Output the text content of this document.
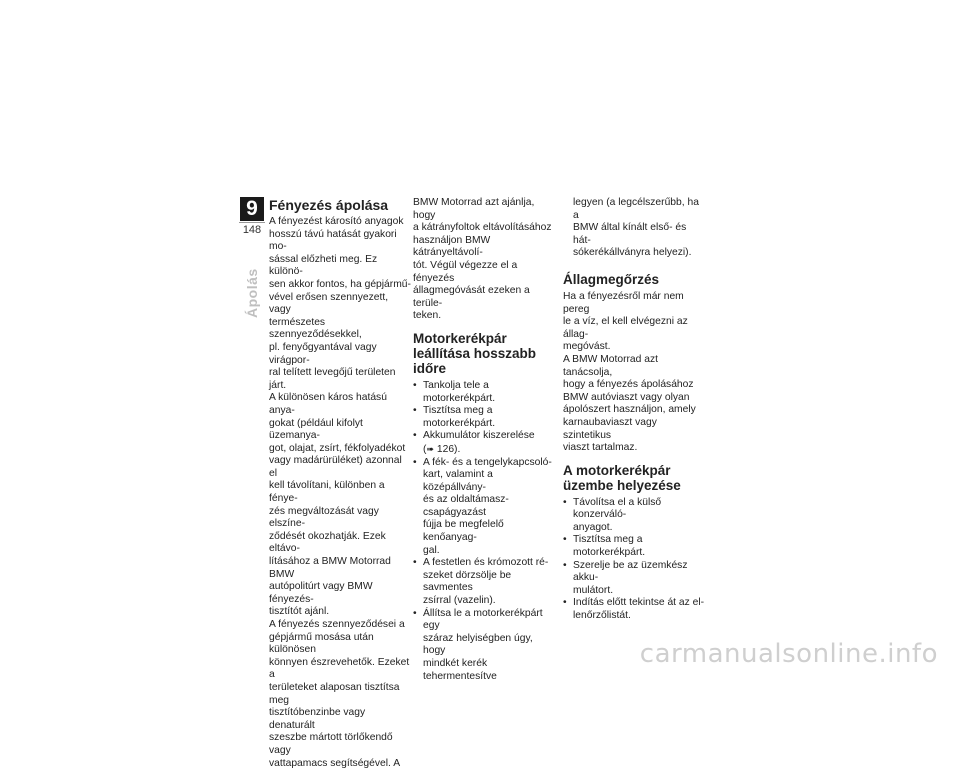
9
148
Ápolás
Fényezés ápolása

A fényezést károsító anyagok
hosszú távú hatását gyakori mo-
sással előzheti meg. Ez különö-
sen akkor fontos, ha gépjármű-
vével erősen szennyezett, vagy
természetes szennyeződésekkel,
pl. fenyőgyantával vagy virágpor-
ral telített levegőjű területen járt.
A különösen káros hatású anya-
gokat (például kifolyt üzemanya-
got, olajat, zsírt, fékfolyadékot
vagy madárürüléket) azonnal el
kell távolítani, különben a fénye-
zés megváltozását vagy elszíne-
ződését okozhatják. Ezek eltávo-
lításához a BMW Motorrad BMW
autópolitúrt vagy BMW fényezés-
tisztítót ajánl.
A fényezés szennyeződései a
gépjármű mosása után különösen
könnyen észrevehetők. Ezeket a
területeket alaposan tisztítsa meg
tisztítóbenzinbe vagy denaturált
szeszbe mártott törlőkendő vagy
vattapamacs segítségével. A

BMW Motorrad azt ajánlja, hogy
a kátrányfoltok eltávolításához
használjon BMW kátrányeltávolí-
tót. Végül végezze el a fényezés
állagmegóvását ezeken a terüle-
teken.

Motorkerékpár
leállítása hosszabb
időre
• Tankolja tele a motorkerékpárt.
• Tisztítsa meg a motorkerékpárt.
• Akkumulátor kiszerelése
(➠ 126).
• A fék- és a tengelykapcsoló-
kart, valamint a középállvány-
és az oldaltámasz-csapágyazást
fújja be megfelelő kenőanyag-
gal.
• A festetlen és krómozott ré-
szeket dörzsölje be savmentes
zsírral (vazelin).
• Állítsa le a motorkerékpárt egy
száraz helyiségben úgy, hogy
mindkét kerék tehermentesítve

legyen (a legcélszerűbb, ha a
BMW által kínált első- és hát-
sókerékállványra helyezi).

Állagmegőrzés

Ha a fényezésről már nem pereg
le a víz, el kell elvégezni az állag-
megóvást.

A BMW Motorrad azt tanácsolja,
hogy a fényezés ápolásához
BMW autóviaszt vagy olyan
ápolószert használjon, amely
karnaubaviaszt vagy szintetikus
viaszt tartalmaz.

A motorkerékpár
üzembe helyezése
• Távolítsa el a külső konzerváló-
anyagot.
• Tisztítsa meg a motorkerékpárt.
• Szerelje be az üzemkész akku-
mulátort.
• Indítás előtt tekintse át az el-
lenőrzőlistát.
carmanualsonline.info
